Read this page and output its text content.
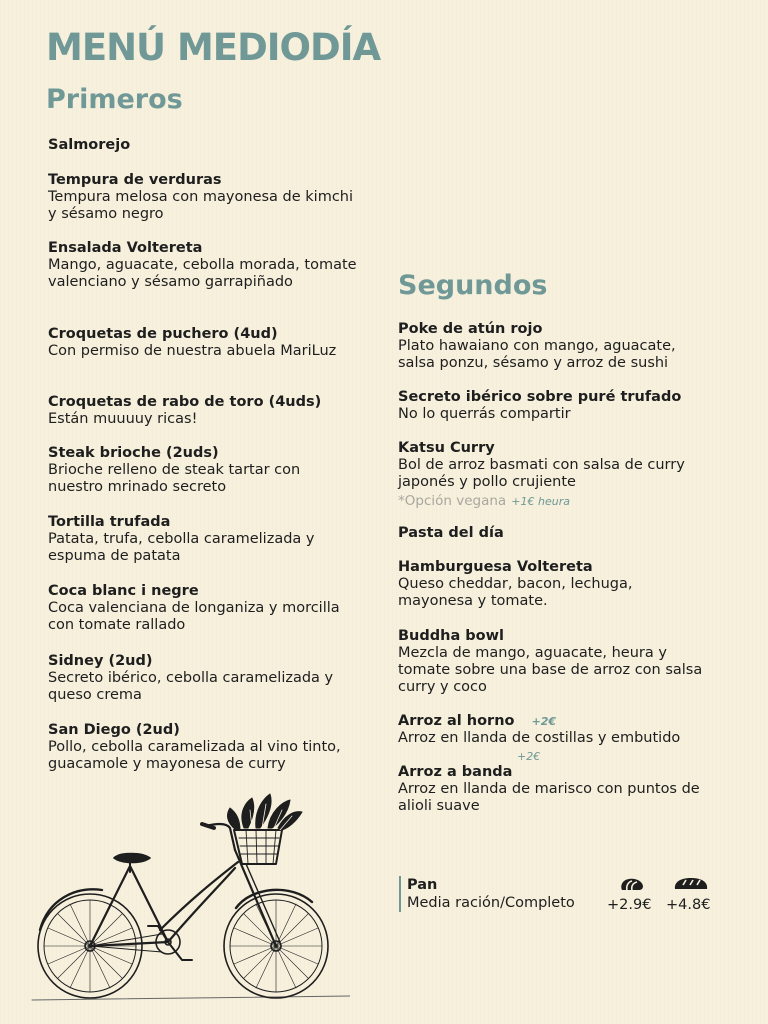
MENÚ MEDIODÍA
Primeros
Salmorejo
Tempura de verduras
Tempura melosa con mayonesa de kimchi y sésamo negro
Ensalada Voltereta
Mango, aguacate, cebolla morada, tomate valenciano y sésamo garrapiñado
Croquetas de puchero (4ud)
Con permiso de nuestra abuela MariLuz
Croquetas de rabo de toro (4uds)
Están muuuuy ricas!
Steak brioche (2uds)
Brioche relleno de steak tartar con nuestro mrinado secreto
Tortilla trufada
Patata, trufa, cebolla caramelizada y espuma de patata
Coca blanc i negre
Coca valenciana de longaniza y morcilla con tomate rallado
Sidney (2ud)
Secreto ibérico, cebolla caramelizada y queso crema
San Diego (2ud)
Pollo, cebolla caramelizada al vino tinto, guacamole y mayonesa de curry
Segundos
Poke de atún rojo
Plato hawaiano con mango, aguacate, salsa ponzu, sésamo y arroz de sushi
Secreto ibérico sobre puré trufado
No lo querrás compartir
Katsu Curry
Bol de arroz basmati con salsa de curry japonés y pollo crujiente
*Opción vegana +1€ heura
Pasta del día
Hamburguesa Voltereta
Queso cheddar, bacon, lechuga, mayonesa y tomate.
Buddha bowl
Mezcla de mango, aguacate, heura y tomate sobre una base de arroz con salsa curry y coco
Arroz al horno +2€
Arroz en llanda de costillas y embutido
+2€
Arroz a banda
Arroz en llanda de marisco con puntos de alioli suave
Pan
Media ración/Completo +2.9€ +4.8€
